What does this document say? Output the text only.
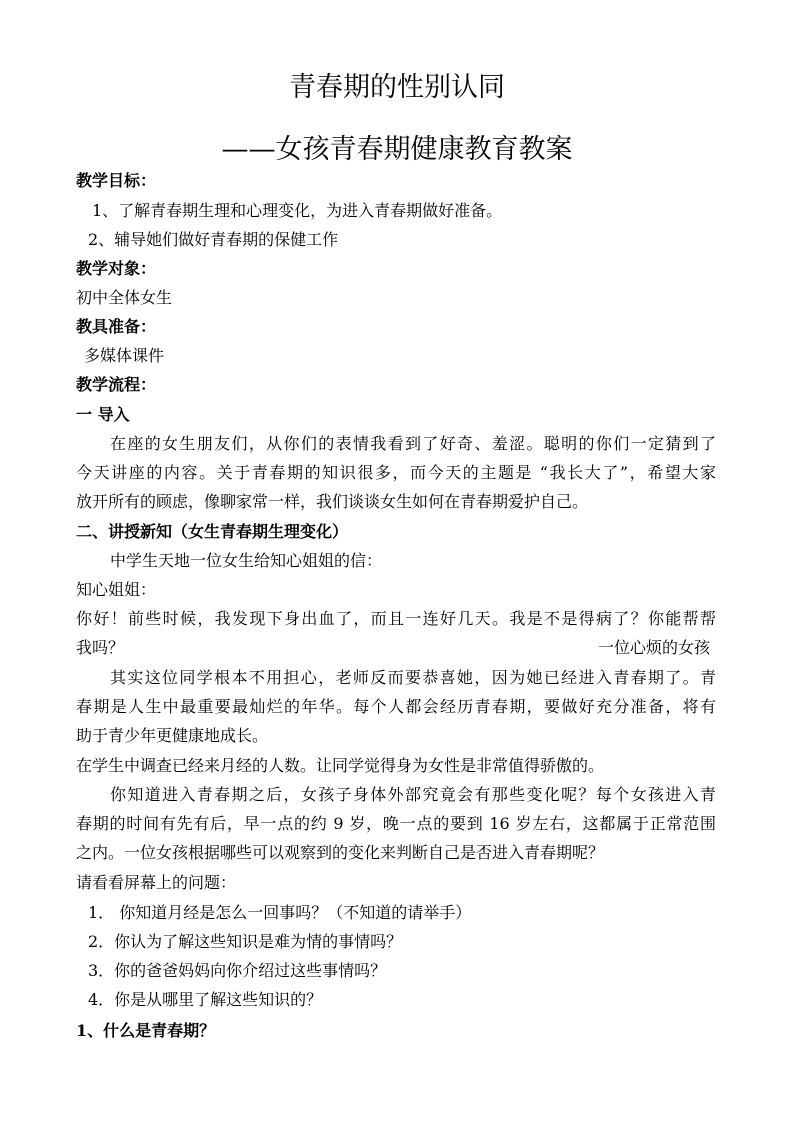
青春期的性别认同
——女孩青春期健康教育教案

教学目标：

1、了解青春期生理和心理变化，为进入青春期做好准备。

2、辅导她们做好青春期的保健工作

教学对象：

初中全体女生

教具准备：

多媒体课件

教学流程：

一 导入

在座的女生朋友们，从你们的表情我看到了好奇、羞涩。聪明的你们一定猜到了

今天讲座的内容。关于青春期的知识很多，而今天的主题是 “我长大了”，希望大家

放开所有的顾虑，像聊家常一样，我们谈谈女生如何在青春期爱护自己。

二、讲授新知（女生青春期生理变化）

中学生天地一位女生给知心姐姐的信：

知心姐姐：

你好！前些时候，我发现下身出血了，而且一连好几天。我是不是得病了？你能帮帮

我吗？	一位心烦的女孩

其实这位同学根本不用担心，老师反而要恭喜她，因为她已经进入青春期了。青

春期是人生中最重要最灿烂的年华。每个人都会经历青春期，要做好充分准备，将有

助于青少年更健康地成长。

在学生中调查已经来月经的人数。让同学觉得身为女性是非常值得骄傲的。

你知道进入青春期之后，女孩子身体外部究竟会有那些变化呢？每个女孩进入青

春期的时间有先有后，早一点的约 9 岁，晚一点的要到 16 岁左右，这都属于正常范围

之内。一位女孩根据哪些可以观察到的变化来判断自己是否进入青春期呢？

请看看屏幕上的问题：

1． 你知道月经是怎么一回事吗？（不知道的请举手）

2．你认为了解这些知识是难为情的事情吗？

3．你的爸爸妈妈向你介绍过这些事情吗？

4．你是从哪里了解这些知识的？

1、什么是青春期？
